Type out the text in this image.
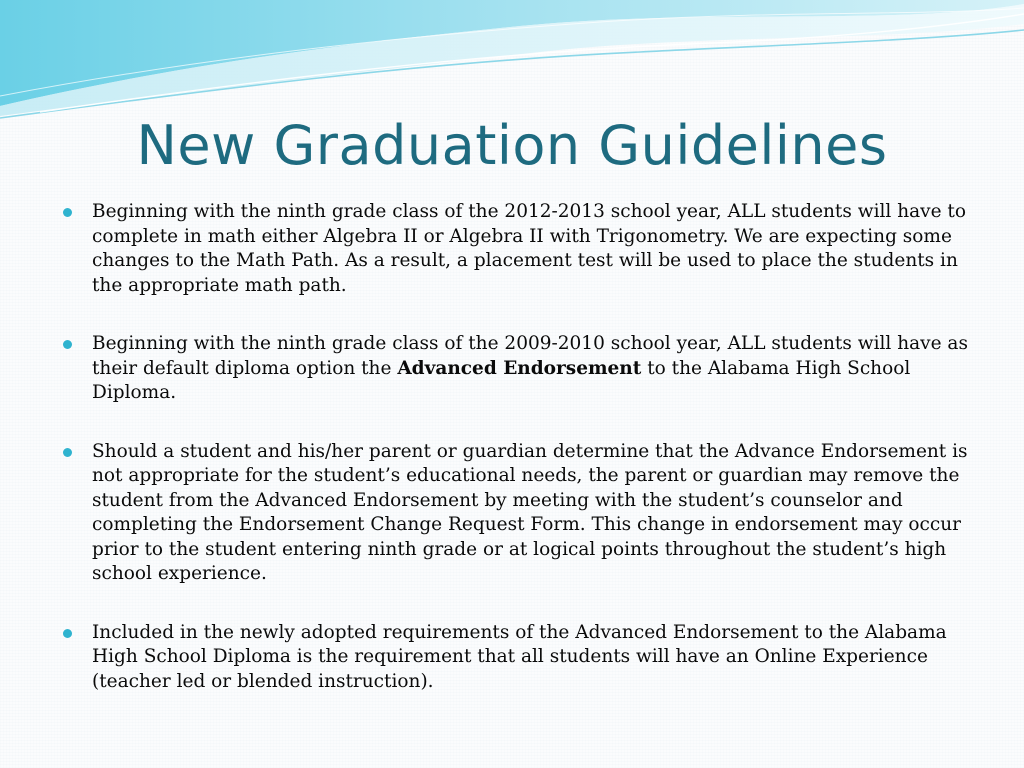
New Graduation Guidelines
Beginning with the ninth grade class of the 2012-2013 school year, ALL students will have to complete in math either Algebra II or Algebra II with Trigonometry. We are expecting some changes to the Math Path. As a result, a placement test will be used to place the students in the appropriate math path.
Beginning with the ninth grade class of the 2009-2010 school year, ALL students will have as their default diploma option the Advanced Endorsement to the Alabama High School Diploma.
Should a student and his/her parent or guardian determine that the Advance Endorsement is not appropriate for the student’s educational needs, the parent or guardian may remove the student from the Advanced Endorsement by meeting with the student’s counselor and completing the Endorsement Change Request Form. This change in endorsement may occur prior to the student entering ninth grade or at logical points throughout the student’s high school experience.
Included in the newly adopted requirements of the Advanced Endorsement to the Alabama High School Diploma is the requirement that all students will have an Online Experience (teacher led or blended instruction).
